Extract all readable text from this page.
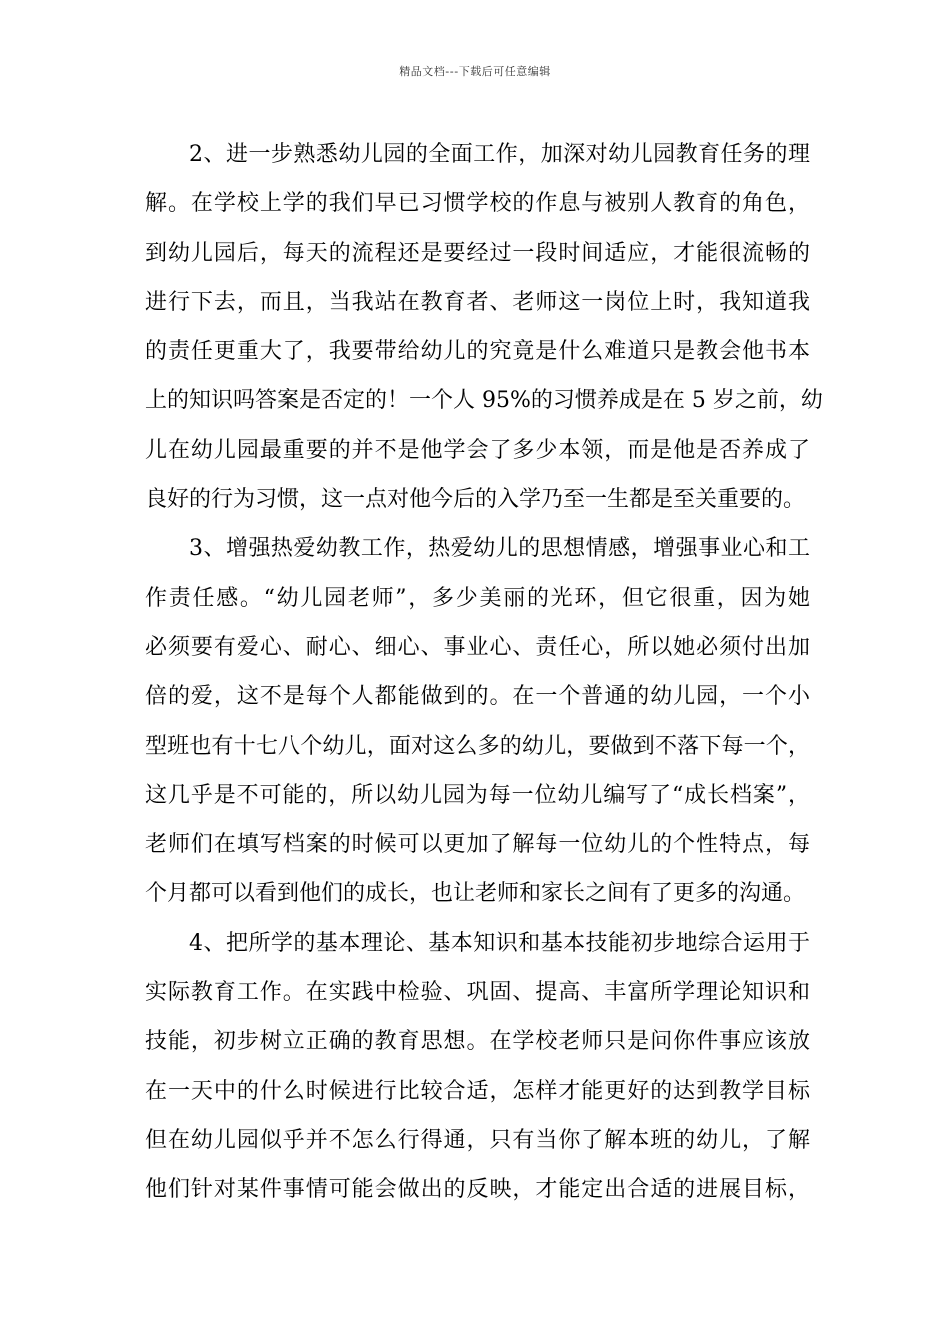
精品文档---下载后可任意编辑
2、进一步熟悉幼儿园的全面工作，加深对幼儿园教育任务的理
解。在学校上学的我们早已习惯学校的作息与被别人教育的角色，
到幼儿园后，每天的流程还是要经过一段时间适应，才能很流畅的
进行下去，而且，当我站在教育者、老师这一岗位上时，我知道我
的责任更重大了，我要带给幼儿的究竟是什么难道只是教会他书本
上的知识吗答案是否定的！一个人 95%的习惯养成是在 5 岁之前，幼
儿在幼儿园最重要的并不是他学会了多少本领，而是他是否养成了
良好的行为习惯，这一点对他今后的入学乃至一生都是至关重要的。
3、增强热爱幼教工作，热爱幼儿的思想情感，增强事业心和工
作责任感。“幼儿园老师”，多少美丽的光环，但它很重，因为她
必须要有爱心、耐心、细心、事业心、责任心，所以她必须付出加
倍的爱，这不是每个人都能做到的。在一个普通的幼儿园，一个小
型班也有十七八个幼儿，面对这么多的幼儿，要做到不落下每一个，
这几乎是不可能的，所以幼儿园为每一位幼儿编写了“成长档案”，
老师们在填写档案的时候可以更加了解每一位幼儿的个性特点，每
个月都可以看到他们的成长，也让老师和家长之间有了更多的沟通。
4、把所学的基本理论、基本知识和基本技能初步地综合运用于
实际教育工作。在实践中检验、巩固、提高、丰富所学理论知识和
技能，初步树立正确的教育思想。在学校老师只是问你件事应该放
在一天中的什么时候进行比较合适，怎样才能更好的达到教学目标
但在幼儿园似乎并不怎么行得通，只有当你了解本班的幼儿，了解
他们针对某件事情可能会做出的反映，才能定出合适的进展目标，
